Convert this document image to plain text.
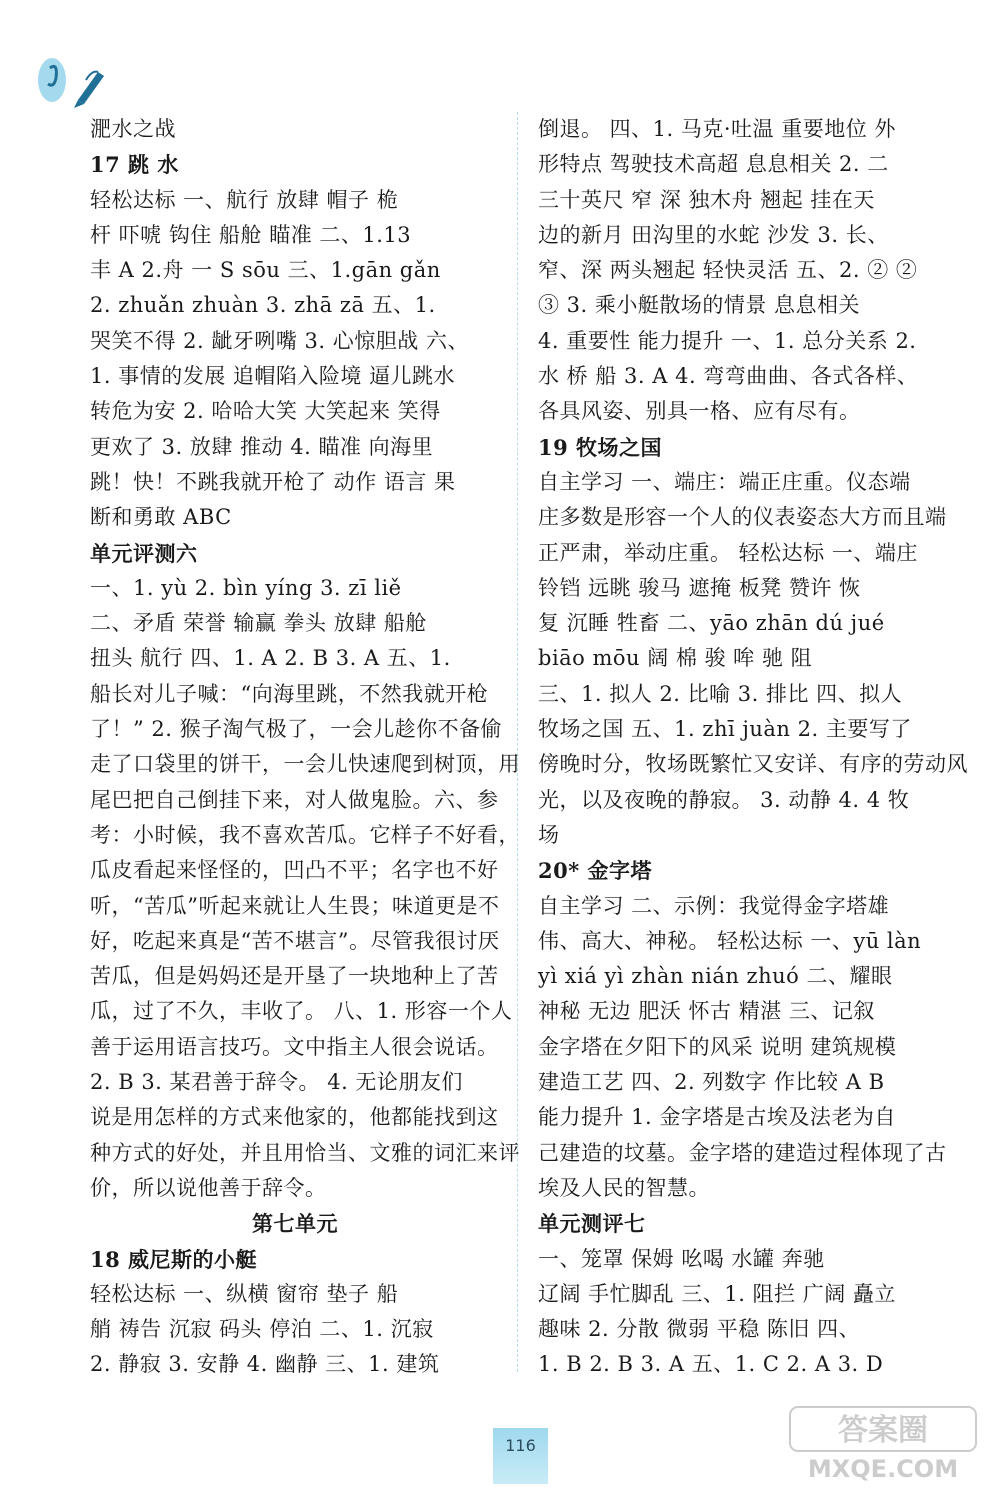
淝水之战
17 跳 水
轻松达标 一、航行 放肆 帽子 桅
杆 吓唬 钩住 船舱 瞄准 二、1.13
丰 A 2.舟 一 S sōu 三、1.gān gǎn
2. zhuǎn zhuàn 3. zhā zā 五、1.
哭笑不得 2. 龇牙咧嘴 3. 心惊胆战 六、
1. 事情的发展 追帽陷入险境 逼儿跳水
转危为安 2. 哈哈大笑 大笑起来 笑得
更欢了 3. 放肆 推动 4. 瞄准 向海里
跳！快！不跳我就开枪了 动作 语言 果
断和勇敢 ABC
单元评测六
一、1. yù 2. bìn yíng 3. zī liě
二、矛盾 荣誉 输赢 拳头 放肆 船舱
扭头 航行 四、1. A 2. B 3. A 五、1.
船长对儿子喊：“向海里跳，不然我就开枪
了！” 2. 猴子淘气极了，一会儿趁你不备偷
走了口袋里的饼干，一会儿快速爬到树顶，用
尾巴把自己倒挂下来，对人做鬼脸。六、参
考：小时候，我不喜欢苦瓜。它样子不好看，
瓜皮看起来怪怪的，凹凸不平；名字也不好
听，“苦瓜”听起来就让人生畏；味道更是不
好，吃起来真是“苦不堪言”。尽管我很讨厌
苦瓜，但是妈妈还是开垦了一块地种上了苦
瓜，过了不久，丰收了。 八、1. 形容一个人
善于运用语言技巧。文中指主人很会说话。
2. B 3. 某君善于辞令。 4. 无论朋友们
说是用怎样的方式来他家的，他都能找到这
种方式的好处，并且用恰当、文雅的词汇来评
价，所以说他善于辞令。
第七单元
18 威尼斯的小艇
轻松达标 一、纵横 窗帘 垫子 船
艄 祷告 沉寂 码头 停泊 二、1. 沉寂
2. 静寂 3. 安静 4. 幽静 三、1. 建筑
倒退。 四、1. 马克·吐温 重要地位 外
形特点 驾驶技术高超 息息相关 2. 二
三十英尺 窄 深 独木舟 翘起 挂在天
边的新月 田沟里的水蛇 沙发 3. 长、
窄、深 两头翘起 轻快灵活 五、2. ② ②
③ 3. 乘小艇散场的情景 息息相关
4. 重要性 能力提升 一、1. 总分关系 2.
水 桥 船 3. A 4. 弯弯曲曲、各式各样、
各具风姿、别具一格、应有尽有。
19 牧场之国
自主学习 一、端庄：端正庄重。仪态端
庄多数是形容一个人的仪表姿态大方而且端
正严肃，举动庄重。 轻松达标 一、端庄
铃铛 远眺 骏马 遮掩 板凳 赞许 恢
复 沉睡 牲畜 二、yāo zhān dú jué
biāo mōu 阔 棉 骏 哞 驰 阻
三、1. 拟人 2. 比喻 3. 排比 四、拟人
牧场之国 五、1. zhī juàn 2. 主要写了
傍晚时分，牧场既繁忙又安详、有序的劳动风
光，以及夜晚的静寂。 3. 动静 4. 4 牧
场
20* 金字塔
自主学习 二、示例：我觉得金字塔雄
伟、高大、神秘。 轻松达标 一、yū làn
yì xiá yì zhàn nián zhuó 二、耀眼
神秘 无边 肥沃 怀古 精湛 三、记叙
金字塔在夕阳下的风采 说明 建筑规模
建造工艺 四、2. 列数字 作比较 A B
能力提升 1. 金字塔是古埃及法老为自
己建造的坟墓。金字塔的建造过程体现了古
埃及人民的智慧。
单元测评七
一、笼罩 保姆 吆喝 水罐 奔驰
辽阔 手忙脚乱 三、1. 阻拦 广阔 矗立
趣味 2. 分散 微弱 平稳 陈旧 四、
1. B 2. B 3. A 五、1. C 2. A 3. D
116	答案圈
MXQE.COM
